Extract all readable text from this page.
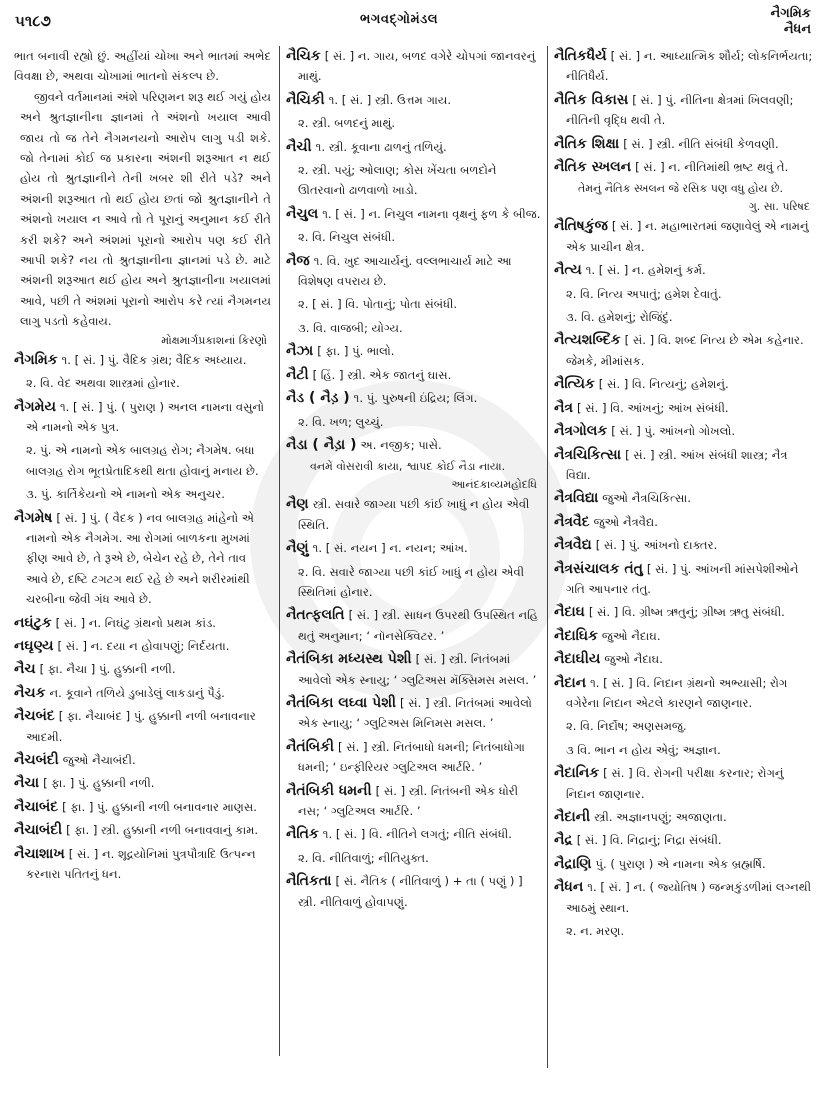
૫૧૮૭	ભગવદ્ગોમંડલ	નૈગમિક
નૈધન

ભાત બનાવી રહ્યો છું. અહીંયાં ચોખા અને ભાતમાં અભેદ વિવક્ષા છે, અથવા ચોખામાં ભાતનો સંકલ્પ છે.

જીવને વર્તમાનમાં અંશે પરિણમન શરૂ થઈ ગયું હોય અને શ્રુતજ્ઞાનીના જ્ઞાનમાં તે અંશનો ખયાલ આવી જાય તો જ તેને નૈગમનયનો આરોપ લાગુ પડી શકે. જો તેનામાં કોઈ જ પ્રકારના અંશની શરૂઆત ન થઈ હોય તો શ્રુતજ્ઞાનીને તેની ખબર શી રીતે પડે? અને અંશની શરૂઆત તો થઈ હોય છતાં જો શ્રુતજ્ઞાનીને તે અંશનો ખયાલ ન આવે તો તે પૂરાનું અનુમાન કઈ રીતે કરી શકે? અને અંશમાં પૂરાનો આરોપ પણ કઈ રીતે આપી શકે? નય તો શ્રુતજ્ઞાનીના જ્ઞાનમાં પડે છે. માટે અંશની શરૂઆત થઈ હોય અને શ્રુતજ્ઞાનીના ખયાલમાં આવે, પછી તે અંશમાં પૂરાનો આરોપ કરે ત્યાં નૈગમનય લાગુ પડતો કહેવાય.

મોક્ષમાર્ગપ્રકાશનાં કિરણો
નૈગમિક ૧. [ સં. ] પું. વૈદિક ગ્રંથ; વૈદિક અધ્યાય.
૨. વિ. વેદ અથવા શાસ્ત્રમાં હોનાર.
નૈગમેય ૧. [ સં. ] પું. ( પુરાણ ) અનલ નામના વસુનો એ નામનો એક પુત્ર.
૨. પું. એ નામનો એક બાલગ્રહ રોગ; નૈગમેષ. બધા બાલગ્રહ રોગ ભૂતપ્રેતાદિકથી થતા હોવાનું મનાય છે.
૩. પું. કાર્તિકેયનો એ નામનો એક અનુચર.
નૈગમેષ [ સં. ] પું. ( વૈદક ) નવ બાલગ્રહ માંહેનો એ નામનો એક નૈગમેગ. આ રોગમાં બાળકના મુખમાં ફીણ આવે છે, તે રૂએ છે, બેચેન રહે છે, તેને તાવ આવે છે, દષ્ટિ ટગટગ થઈ રહે છે અને શરીરમાંથી ચરબીના જેવી ગંધ આવે છે.
નઘંટુક [ સં. ] ન. નિઘંટુ ગ્રંથનો પ્રથમ કાંડ.
નઘૃણ્ય [ સં. ] ન. દયા ન હોવાપણું; નિર્દયતા.
નૈચ [ ફા. નૈચા ] પું. હુક્કાની નળી.
નૈચક ન. કૂવાને તળિયે ડુબાડેલું લાકડાનું પૈડું.
નૈચબંદ [ ફા. નૈચાબંદ ] પું. હુક્કાની નળી બનાવનાર આદમી.
નૈચબંદી જુઓ નૈચાબંદી.
નૈચા [ ફા. ] પું. હુક્કાની નળી.
નૈચાબંદ [ ફા. ] પું. હુક્કાની નળી બનાવનાર માણસ.
નૈચાબંદી [ ફા. ] સ્ત્રી. હુક્કાની નળી બનાવવાનું કામ.
નૈચાશાખ [ સં. ] ન. શૂદ્રયોનિમાં પુત્રપૌત્રાદિ ઉત્પન્ન કરનારા પતિતનું ધન.
નૈચિક [ સં. ] ન. ગાય, બળદ વગેરે ચોપગાં જાનવરનું માથું.
નૈચિકી ૧. [ સં. ] સ્ત્રી. ઉત્તમ ગાય.
૨. સ્ત્રી. બળદનું માથું.
નૈચી ૧. સ્ત્રી. કૂવાના ઢાળનું તળિયું.
૨. સ્ત્રી. પયું; ઓલાણ; કોસ ખેંચતા બળદોને ઊતરવાનો ઢાળવાળો ખાડો.
નૈચુલ ૧. [ સં. ] ન. નિચુલ નામના વૃક્ષનું ફળ કે બીજ.
૨. વિ. નિચુલ સંબંધી.
નૈજ ૧. વિ. ખુદ આચાર્યનું. વલ્લભાચાર્ય માટે આ વિશેષણ વપરાય છે.
૨. [ સં. ] વિ. પોતાનું; પોતા સંબંધી.
૩. વિ. વાજબી; યોગ્ય.
નૈઝા [ ફા. ] પું. ભાલો.
નૈટી [ હિં. ] સ્ત્રી. એક જાતનું ઘાસ.
નૈડ ( નૈડ઼ ) ૧. પું. પુરુષની ઇંદ્રિય; લિંગ.
૨. વિ. ખળ; લુચ્ચું.
નૈડા ( નૈડ઼ા ) અ. નજીક; પાસે.
વનમેં વોસરાવી કાયા, શ્વાપદ કોઈ નૈડા નાયા.
આનંદકાવ્યમહોદધિ
નૈણ સ્ત્રી. સવારે જાગ્યા પછી કાંઈ ખાધું ન હોય એવી સ્થિતિ.
નૈણું ૧. [ સં. નયન ] ન. નયન; આંખ.
૨. વિ. સવારે જાગ્યા પછી કાંઈ ખાધું ન હોય એવી સ્થિતિમાં હોનાર.
નૈતત્ફલતિ [ સં. ] સ્ત્રી. સાધન ઉપરથી ઉપસ્થિત નહિ થતું અનુમાન; ‘ નૉનસેક્વિટર. ’
નૈતંબિકા મધ્યસ્થ પેશી [ સં. ] સ્ત્રી. નિતંબમાં આવેલો એક સ્નાયુ; ‘ ગ્લુટિઅસ મૅક્સિમસ મસલ. ’
નૈતંબિકા લઘ્વા પેશી [ સં. ] સ્ત્રી. નિતંબમાં આવેલો એક સ્નાયુ; ‘ ગ્લુટિઅસ મિનિમસ મસલ. ’
નૈતંબિકી [ સં. ] સ્ત્રી. નિતંબાધો ધમની; નિતંબાધોગા ધમની; ‘ ઇન્ફીરિયર ગ્લુટિઅલ આર્ટરિ. ’
નૈતંબિકી ધમની [ સં. ] સ્ત્રી. નિતંબની એક ધોરી નસ; ‘ ગ્લુટિઅલ આર્ટરિ. ’
નૈતિક ૧. [ સં. ] વિ. નીતિને લગતું; નીતિ સંબંધી.
૨. વિ. નીતિવાળું; નીતિયુક્ત.
નૈતિકતા [ સં. નૈતિક ( નીતિવાળું ) + તા ( પણું ) ] સ્ત્રી. નીતિવાળું હોવાપણું.
નૈતિકધૈર્ય [ સં. ] ન. આધ્યાત્મિક શૌર્ય; લોકનિર્ભયતા; નીતિધૈર્ય.
નૈતિક વિકાસ [ સં. ] પું. નીતિના ક્ષેત્રમાં ખિલવણી; નીતિની વૃદ્ધિ થવી તે.
નૈતિક શિક્ષા [ સં. ] સ્ત્રી. નીતિ સંબંધી કેળવણી.
નૈતિક સ્ખલન [ સં. ] ન. નીતિમાંથી ભ્રષ્ટ થવું તે.
તેમનું નૈતિક સ્ખલન જે રસિક પણ વધુ હોય છે.
ગુ. સા. પરિષદ
નૈતિષકુંજ [ સં. ] ન. મહાભારતમાં જણાવેલું એ નામનું એક પ્રાચીન ક્ષેત્ર.
નૈત્ય ૧. [ સં. ] ન. હમેશનું કર્મ.
૨. વિ. નિત્ય અપાતું; હમેશ દેવાતું.
૩. વિ. હમેશનું; રોજિંદું.
નૈત્યશબ્દિક [ સં. ] વિ. શબ્દ નિત્ય છે એમ કહેનાર. જેમકે, મીમાંસક.
નૈત્યિક [ સં. ] વિ. નિત્યનું; હમેશનું.
નૈત્ર [ સં. ] વિ. આંખનું; આંખ સંબંધી.
નૈત્રગોલક [ સં. ] પું. આંખનો ગોખલો.
નૈત્રચિકિત્સા [ સં. ] સ્ત્રી. આંખ સંબંધી શાસ્ત્ર; નૈત્ર વિદ્યા.
નૈત્રવિદ્યા જુઓ નૈત્રચિકિત્સા.
નૈત્રવૈદ જુઓ નૈત્રવૈદ્ય.
નૈત્રવૈદ્ય [ સં. ] પું. આંખનો દાક્તર.
નૈત્રસંચાલક તંતુ [ સં. ] પું. આંખની માંસપેશીઓને ગતિ આપનાર તંતુ.
નૈદાઘ [ સં. ] વિ. ગ્રીષ્મ ઋતુનું; ગ્રીષ્મ ઋતુ સંબંધી.
નૈદાઘિક જુઓ નૈદાઘ.
નૈદાઘીય જુઓ નૈદાઘ.
નૈદાન ૧. [ સં. ] વિ. નિદાન ગ્રંથનો અભ્યાસી; રોગ વગેરેના નિદાન એટલે કારણને જાણનાર.
૨. વિ. નિર્દોષ; અણસમજુ.
૩ વિ. ભાન ન હોય એવું; અજ્ઞાન.
નૈદાનિક [ સં. ] વિ. રોગની પરીક્ષા કરનાર; રોગનું નિદાન જાણનાર.
નૈદાની સ્ત્રી. અજ્ઞાનપણું; અજાણતા.
નૈદ્ર [ સં. ] વિ. નિદ્રાનું; નિદ્રા સંબંધી.
નૈદ્રાણિ પું. ( પુરાણ ) એ નામના એક બ્રહ્મર્ષિ.
નૈધન ૧. [ સં. ] ન. ( જ્યોતિષ ) જન્મકુંડળીમાં લગ્નથી આઠમું સ્થાન.
૨. ન. મરણ.
